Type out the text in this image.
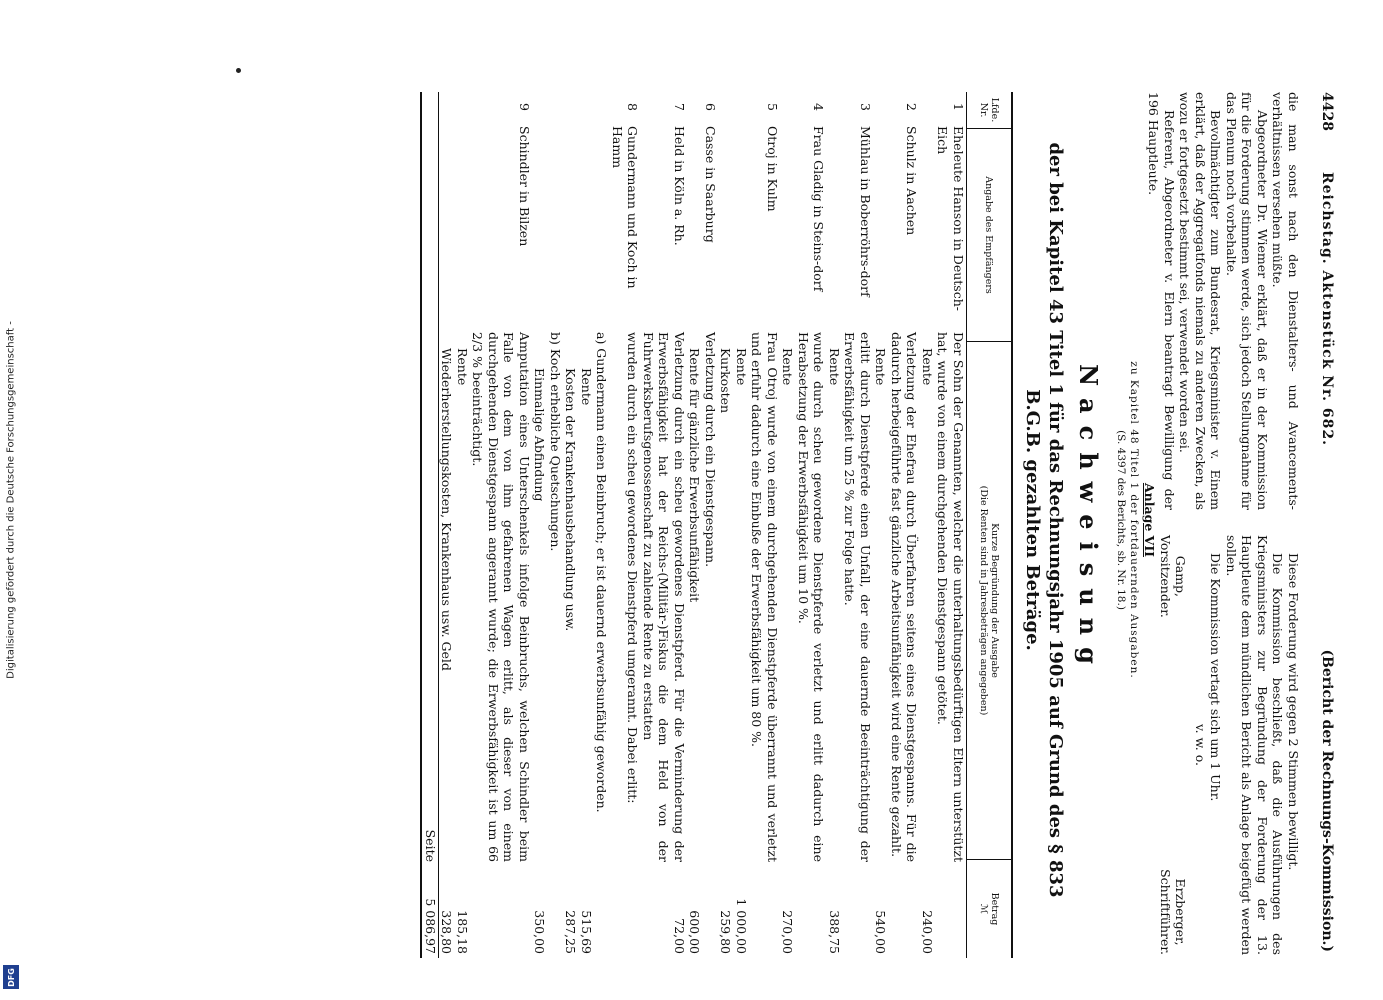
Digitalisierung gefördert durch die Deutsche Forschungsgemeinschaft -
DFG
4428
Reichstag. Aktenstück Nr. 682.
(Bericht der Rechnungs-Kommission.)

die man sonst nach den Dienstalters- und Avancements-verhältnissen versehen müßte.

Abgeordneter Dr. Wiemer erklärt, daß er in der Kommission für die Forderung stimmen werde, sich jedoch Stellungnahme für das Plenum noch vorbehalte.

Bevollmächtigter zum Bundesrat, Kriegsminister v. Einem erklärt, daß der Aggregatfonds niemals zu anderen Zwecken, als wozu er fortgesetzt bestimmt sei, verwendet worden sei.

Referent, Abgeordneter v. Elern beantragt Bewilligung der 196 Hauptleute.

Diese Forderung wird gegen 2 Stimmen bewilligt.

Die Kommission beschließt, daß die Ausführungen des Kriegsministers zur Begründung der Forderung der 13. Hauptleute dem mündlichen Bericht als Anlage beigefügt werden sollen.

Die Kommission vertagt sich um 1 Uhr.

v. w. o.
Gamp,
Vorsitzender.
Erzberger,
Schriftführer.
Anlage VII
zu Kapitel 48 Titel 1 der fortdauernden Ausgaben.
(S. 4397 des Berichts, sb. Nr. 18.)
Nachweisung
der bei Kapitel 43 Titel 1 für das Rechnungsjahr 1905 auf Grund des § 833 B.G.B. gezahlten Beträge.
Lfde. Nr.
Angabe des Empfängers
Kurze Begründung der Ausgabe
(Die Renten sind in Jahresbeträgen angegeben)
Betrag
ℳ
1
Eheleute Hanson in Deutsch-Eich
Der Sohn der Genannten, welcher die unterhaltungsbedürftigen Eltern unterstützt hat, wurde von einem durchgehenden Dienstgespann getötet.
Rente
240,00
2
Schulz in Aachen
Verletzung der Ehefrau durch Überfahren seitens eines Dienstgespanns. Für die dadurch herbeigeführte fast gänzliche Arbeitsunfähigkeit wird eine Rente gezahlt.
Rente
540,00
3
Mühlau in Boberröhrs-dorf
erlitt durch Dienstpferde einen Unfall, der eine dauernde Beeinträchtigung der Erwerbsfähigkeit um 25 % zur Folge hatte.
Rente
388,75
4
Frau Gladig in Steins-dorf
wurde durch scheu gewordene Dienstpferde verletzt und erlitt dadurch eine Herabsetzung der Erwerbsfähigkeit um 10 %.
Rente
270,00
5
Otroj in Kulm
Frau Otroj wurde von einem durchgehenden Dienstpferde überrannt und verletzt und erfuhr dadurch eine Einbuße der Erwerbsfähigkeit um 80 %.
Rente
1 000,00
Kurkosten
259,80
6
Casse in Saarburg
Verletzung durch ein Dienstgespann.
Rente für gänzliche Erwerbsunfähigkeit
600,00
7
Held in Köln a. Rh.
Verletzung durch ein scheu gewordenes Dienstpferd. Für die Verminderung der Erwerbsfähigkeit hat der Reichs-(Militär-)Fiskus die dem Held von der Fuhrwerksberufsgenossenschaft zu zahlende Rente zu erstatten
72,00
8
Gundermann und Koch in Hamm
wurden durch ein scheu gewordenes Dienstpferd umgerannt. Dabei erlitt:
a) Gundermann einen Beinbruch; er ist dauernd erwerbsunfähig geworden.
Rente
515,69
Kosten der Krankenhausbehandlung usw.
287,25
b) Koch erhebliche Quetschungen.
Einmalige Abfindung
350,00
9
Schindler in Bilzen
Amputation eines Unterschenkels infolge Beinbruchs, welchen Schindler beim Falle von dem von ihm gefahrenen Wagen erlitt, als dieser von einem durchgehenden Dienstgespann angerannt wurde; die Erwerbsfähigkeit ist um 66 2/3 % beeinträchtigt.
Rente
185,18
Wiederherstellungskosten, Krankenhaus usw. Geld
328,80
Seite
5 086,97
